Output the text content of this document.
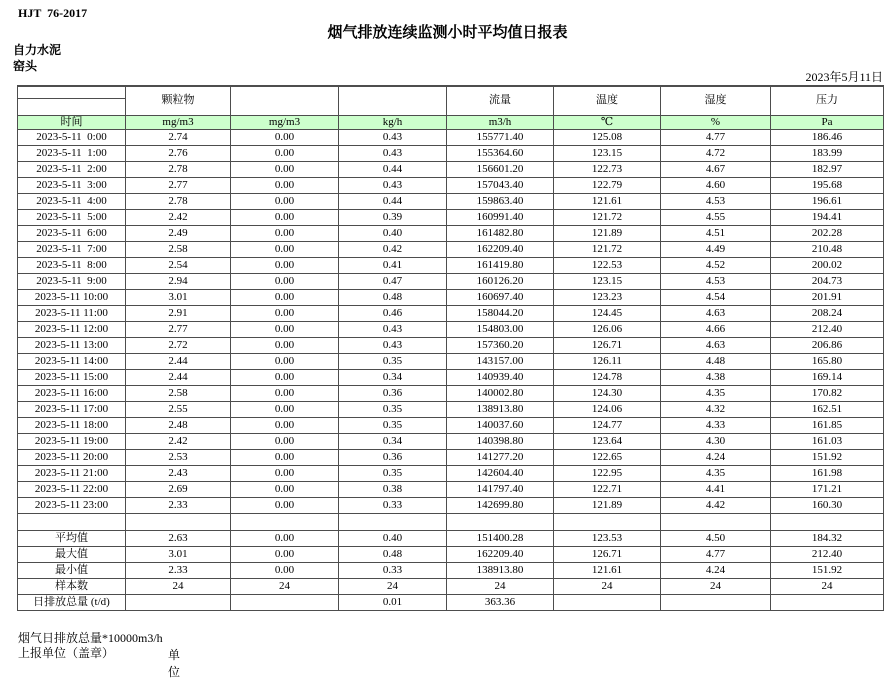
HJT  76-2017
烟气排放连续监测小时平均值日报表
自力水泥
窑头
2023年5月11日
	颗粒物			流量	温度	湿度	压力

时间	mg/m3	mg/m3	kg/h	m3/h	℃	%	Pa
2023-5-11  0:00	2.74	0.00	0.43	155771.40	125.08	4.77	186.46
2023-5-11  1:00	2.76	0.00	0.43	155364.60	123.15	4.72	183.99
2023-5-11  2:00	2.78	0.00	0.44	156601.20	122.73	4.67	182.97
2023-5-11  3:00	2.77	0.00	0.43	157043.40	122.79	4.60	195.68
2023-5-11  4:00	2.78	0.00	0.44	159863.40	121.61	4.53	196.61
2023-5-11  5:00	2.42	0.00	0.39	160991.40	121.72	4.55	194.41
2023-5-11  6:00	2.49	0.00	0.40	161482.80	121.89	4.51	202.28
2023-5-11  7:00	2.58	0.00	0.42	162209.40	121.72	4.49	210.48
2023-5-11  8:00	2.54	0.00	0.41	161419.80	122.53	4.52	200.02
2023-5-11  9:00	2.94	0.00	0.47	160126.20	123.15	4.53	204.73
2023-5-11 10:00	3.01	0.00	0.48	160697.40	123.23	4.54	201.91
2023-5-11 11:00	2.91	0.00	0.46	158044.20	124.45	4.63	208.24
2023-5-11 12:00	2.77	0.00	0.43	154803.00	126.06	4.66	212.40
2023-5-11 13:00	2.72	0.00	0.43	157360.20	126.71	4.63	206.86
2023-5-11 14:00	2.44	0.00	0.35	143157.00	126.11	4.48	165.80
2023-5-11 15:00	2.44	0.00	0.34	140939.40	124.78	4.38	169.14
2023-5-11 16:00	2.58	0.00	0.36	140002.80	124.30	4.35	170.82
2023-5-11 17:00	2.55	0.00	0.35	138913.80	124.06	4.32	162.51
2023-5-11 18:00	2.48	0.00	0.35	140037.60	124.77	4.33	161.85
2023-5-11 19:00	2.42	0.00	0.34	140398.80	123.64	4.30	161.03
2023-5-11 20:00	2.53	0.00	0.36	141277.20	122.65	4.24	151.92
2023-5-11 21:00	2.43	0.00	0.35	142604.40	122.95	4.35	161.98
2023-5-11 22:00	2.69	0.00	0.38	141797.40	122.71	4.41	171.21
2023-5-11 23:00	2.33	0.00	0.33	142699.80	121.89	4.42	160.30

平均值	2.63	0.00	0.40	151400.28	123.53	4.50	184.32
最大值	3.01	0.00	0.48	162209.40	126.71	4.77	212.40
最小值	2.33	0.00	0.33	138913.80	121.61	4.24	151.92
样本数	24	24	24	24	24	24	24
日排放总量 (t/d)			0.01	363.36			
烟气日排放总量*10000m3/h
上报单位（盖章）	单位
